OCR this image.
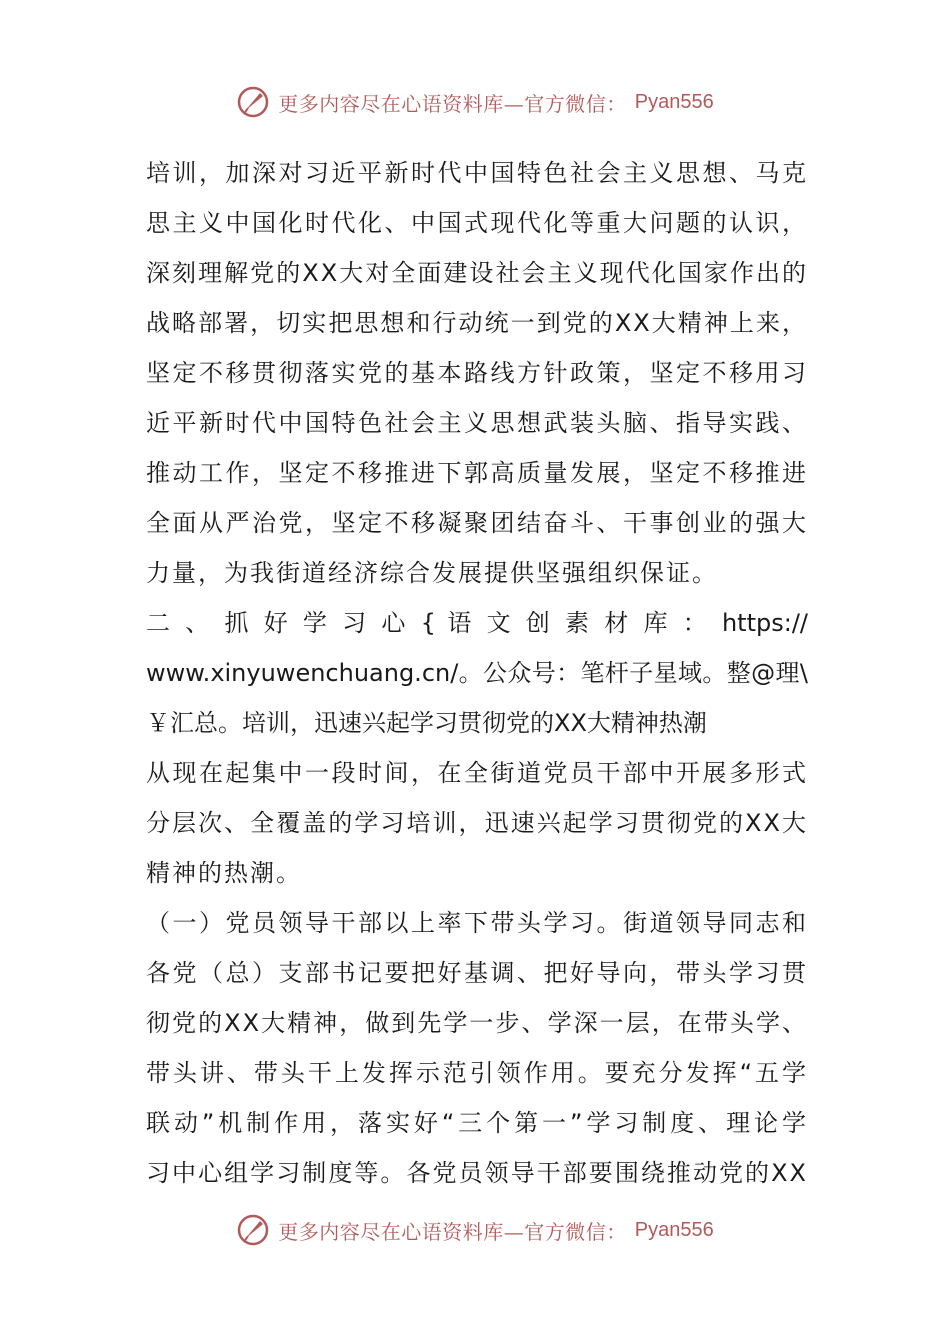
更多内容尽在心语资料库—官方微信： Pyan556
培训，加深对习近平新时代中国特色社会主义思想、马克
思主义中国化时代化、中国式现代化等重大问题的认识，
深刻理解党的XX大对全面建设社会主义现代化国家作出的
战略部署，切实把思想和行动统一到党的XX大精神上来，
坚定不移贯彻落实党的基本路线方针政策，坚定不移用习
近平新时代中国特色社会主义思想武装头脑、指导实践、
推动工作，坚定不移推进下郭高质量发展，坚定不移推进
全面从严治党，坚定不移凝聚团结奋斗、干事创业的强大
力量，为我街道经济综合发展提供坚强组织保证。
二 、 抓 好 学 习 心 { 语 文 创 素 材 库 ： https://
www.xinyuwenchuang.cn/。公众号：笔杆子星域。整@理\
￥汇总。培训，迅速兴起学习贯彻党的XX大精神热潮
从现在起集中一段时间，在全街道党员干部中开展多形式
分层次、全覆盖的学习培训，迅速兴起学习贯彻党的XX大
精神的热潮。
（一）党员领导干部以上率下带头学习。街道领导同志和
各党（总）支部书记要把好基调、把好导向，带头学习贯
彻党的XX大精神，做到先学一步、学深一层，在带头学、
带头讲、带头干上发挥示范引领作用。要充分发挥“五学
联动”机制作用，落实好“三个第一”学习制度、理论学
习中心组学习制度等。各党员领导干部要围绕推动党的XX
更多内容尽在心语资料库—官方微信： Pyan556
